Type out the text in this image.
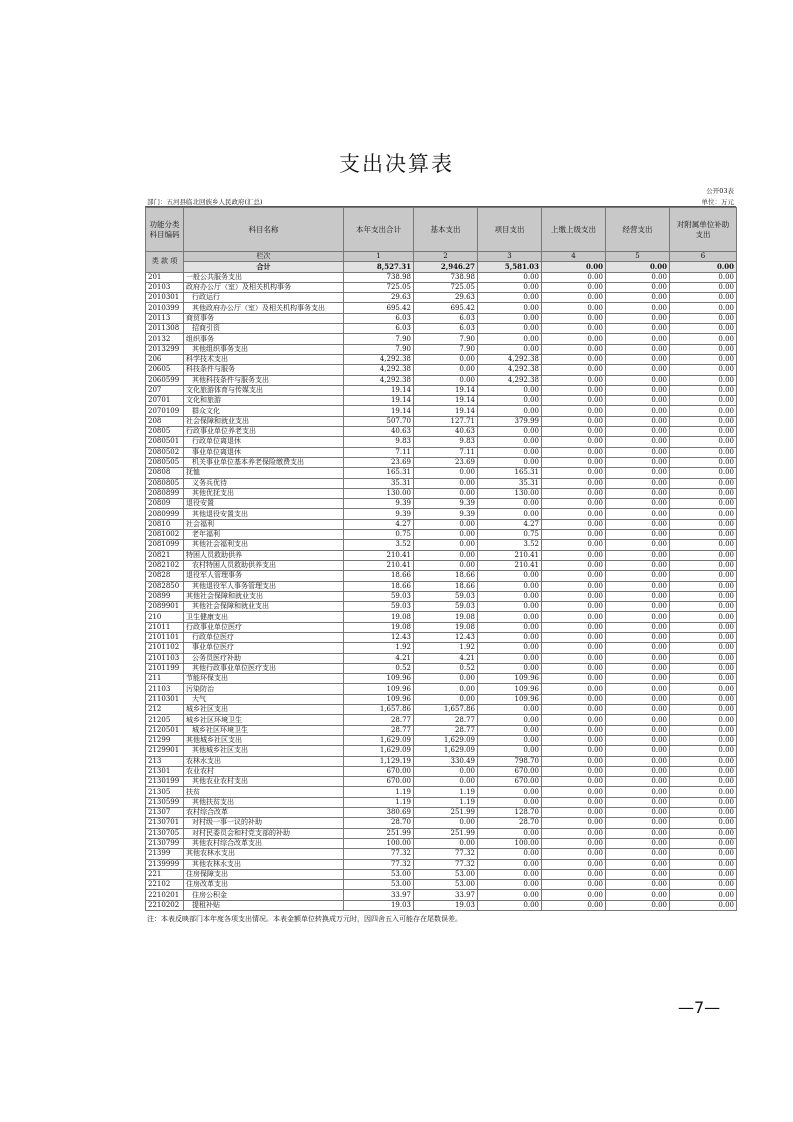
支出决算表
公开03表
部门：五河县临北回族乡人民政府(汇总)	单位：万元
功能分类
科目编码	科目名称	本年支出合计	基本支出	项目支出	上缴上级支出	经营支出	对附属单位补助
支出
类 款 项	栏次	1	2	3	4	5	6
	合计	8,527.31	2,946.27	5,581.03	0.00	0.00	0.00
201	一般公共服务支出	738.98	738.98	0.00	0.00	0.00	0.00
20103	政府办公厅（室）及相关机构事务	725.05	725.05	0.00	0.00	0.00	0.00
2010301	行政运行	29.63	29.63	0.00	0.00	0.00	0.00
2010399	其他政府办公厅（室）及相关机构事务支出	695.42	695.42	0.00	0.00	0.00	0.00
20113	商贸事务	6.03	6.03	0.00	0.00	0.00	0.00
2011308	招商引资	6.03	6.03	0.00	0.00	0.00	0.00
20132	组织事务	7.90	7.90	0.00	0.00	0.00	0.00
2013299	其他组织事务支出	7.90	7.90	0.00	0.00	0.00	0.00
206	科学技术支出	4,292.38	0.00	4,292.38	0.00	0.00	0.00
20605	科技条件与服务	4,292.38	0.00	4,292.38	0.00	0.00	0.00
2060599	其他科技条件与服务支出	4,292.38	0.00	4,292.38	0.00	0.00	0.00
207	文化旅游体育与传媒支出	19.14	19.14	0.00	0.00	0.00	0.00
20701	文化和旅游	19.14	19.14	0.00	0.00	0.00	0.00
2070109	群众文化	19.14	19.14	0.00	0.00	0.00	0.00
208	社会保障和就业支出	507.70	127.71	379.99	0.00	0.00	0.00
20805	行政事业单位养老支出	40.63	40.63	0.00	0.00	0.00	0.00
2080501	行政单位离退休	9.83	9.83	0.00	0.00	0.00	0.00
2080502	事业单位离退休	7.11	7.11	0.00	0.00	0.00	0.00
2080505	机关事业单位基本养老保险缴费支出	23.69	23.69	0.00	0.00	0.00	0.00
20808	抚恤	165.31	0.00	165.31	0.00	0.00	0.00
2080805	义务兵优待	35.31	0.00	35.31	0.00	0.00	0.00
2080899	其他优抚支出	130.00	0.00	130.00	0.00	0.00	0.00
20809	退役安置	9.39	9.39	0.00	0.00	0.00	0.00
2080999	其他退役安置支出	9.39	9.39	0.00	0.00	0.00	0.00
20810	社会福利	4.27	0.00	4.27	0.00	0.00	0.00
2081002	老年福利	0.75	0.00	0.75	0.00	0.00	0.00
2081099	其他社会福利支出	3.52	0.00	3.52	0.00	0.00	0.00
20821	特困人员救助供养	210.41	0.00	210.41	0.00	0.00	0.00
2082102	农村特困人员救助供养支出	210.41	0.00	210.41	0.00	0.00	0.00
20828	退役军人管理事务	18.66	18.66	0.00	0.00	0.00	0.00
2082850	其他退役军人事务管理支出	18.66	18.66	0.00	0.00	0.00	0.00
20899	其他社会保障和就业支出	59.03	59.03	0.00	0.00	0.00	0.00
2089901	其他社会保障和就业支出	59.03	59.03	0.00	0.00	0.00	0.00
210	卫生健康支出	19.08	19.08	0.00	0.00	0.00	0.00
21011	行政事业单位医疗	19.08	19.08	0.00	0.00	0.00	0.00
2101101	行政单位医疗	12.43	12.43	0.00	0.00	0.00	0.00
2101102	事业单位医疗	1.92	1.92	0.00	0.00	0.00	0.00
2101103	公务员医疗补助	4.21	4.21	0.00	0.00	0.00	0.00
2101199	其他行政事业单位医疗支出	0.52	0.52	0.00	0.00	0.00	0.00
211	节能环保支出	109.96	0.00	109.96	0.00	0.00	0.00
21103	污染防治	109.96	0.00	109.96	0.00	0.00	0.00
2110301	大气	109.96	0.00	109.96	0.00	0.00	0.00
212	城乡社区支出	1,657.86	1,657.86	0.00	0.00	0.00	0.00
21205	城乡社区环境卫生	28.77	28.77	0.00	0.00	0.00	0.00
2120501	城乡社区环境卫生	28.77	28.77	0.00	0.00	0.00	0.00
21299	其他城乡社区支出	1,629.09	1,629.09	0.00	0.00	0.00	0.00
2129901	其他城乡社区支出	1,629.09	1,629.09	0.00	0.00	0.00	0.00
213	农林水支出	1,129.19	330.49	798.70	0.00	0.00	0.00
21301	农业农村	670.00	0.00	670.00	0.00	0.00	0.00
2130199	其他农业农村支出	670.00	0.00	670.00	0.00	0.00	0.00
21305	扶贫	1.19	1.19	0.00	0.00	0.00	0.00
2130599	其他扶贫支出	1.19	1.19	0.00	0.00	0.00	0.00
21307	农村综合改革	380.69	251.99	128.70	0.00	0.00	0.00
2130701	对村级一事一议的补助	28.70	0.00	28.70	0.00	0.00	0.00
2130705	对村民委员会和村党支部的补助	251.99	251.99	0.00	0.00	0.00	0.00
2130799	其他农村综合改革支出	100.00	0.00	100.00	0.00	0.00	0.00
21399	其他农林水支出	77.32	77.32	0.00	0.00	0.00	0.00
2139999	其他农林水支出	77.32	77.32	0.00	0.00	0.00	0.00
221	住房保障支出	53.00	53.00	0.00	0.00	0.00	0.00
22102	住房改革支出	53.00	53.00	0.00	0.00	0.00	0.00
2210201	住房公积金	33.97	33.97	0.00	0.00	0.00	0.00
2210202	提租补贴	19.03	19.03	0.00	0.00	0.00	0.00
注：本表反映部门本年度各项支出情况。本表金额单位转换成万元时，因四舍五入可能存在尾数误差。
—7—
